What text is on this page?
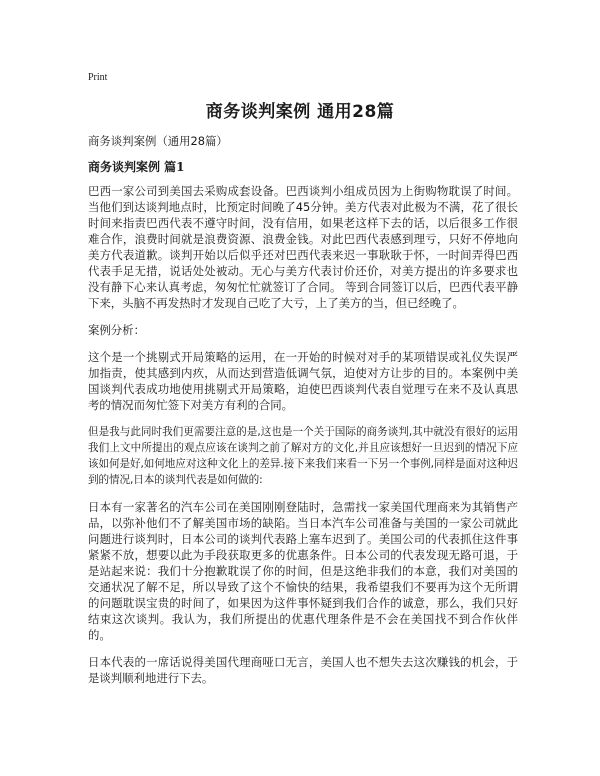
Print
商务谈判案例 通用28篇

商务谈判案例（通用28篇）

商务谈判案例 篇1

巴西一家公司到美国去采购成套设备。巴西谈判小组成员因为上街购物耽误了时间。当他们到达谈判地点时，比预定时间晚了45分钟。美方代表对此极为不满，花了很长时间来指责巴西代表不遵守时间，没有信用，如果老这样下去的话，以后很多工作很难合作，浪费时间就是浪费资源、浪费金钱。对此巴西代表感到理亏，只好不停地向美方代表道歉。谈判开始以后似乎还对巴西代表来迟一事耿耿于怀，一时间弄得巴西代表手足无措，说话处处被动。无心与美方代表讨价还价，对美方提出的许多要求也没有静下心来认真考虑，匆匆忙忙就签订了合同。 等到合同签订以后，巴西代表平静下来，头脑不再发热时才发现自己吃了大亏，上了美方的当，但已经晚了。

案例分析：

这个是一个挑剔式开局策略的运用，在一开始的时候对对手的某项错误或礼仪失误严加指责，使其感到内疚，从而达到营造低调气氛，迫使对方让步的目的。本案例中美国谈判代表成功地使用挑剔式开局策略，迫使巴西谈判代表自觉理亏在来不及认真思考的情况而匆忙签下对美方有利的合同。

但是我与此同时我们更需要注意的是,这也是一个关于国际的商务谈判,其中就没有很好的运用我们上文中所提出的观点应该在谈判之前了解对方的文化,并且应该想好一旦迟到的情况下应该如何是好,如何地应对这种文化上的差异.接下来我们来看一下另一个事例,同样是面对这种迟到的情况,日本的谈判代表是如何做的:

日本有一家著名的汽车公司在美国刚刚登陆时，急需找一家美国代理商来为其销售产品，以弥补他们不了解美国市场的缺陷。当日本汽车公司准备与美国的一家公司就此问题进行谈判时，日本公司的谈判代表路上塞车迟到了。美国公司的代表抓住这件事紧紧不放，想要以此为手段获取更多的优惠条件。日本公司的代表发现无路可退，于是站起来说：我们十分抱歉耽误了你的时间，但是这绝非我们的本意，我们对美国的交通状况了解不足，所以导致了这个不愉快的结果，我希望我们不要再为这个无所谓的问题耽误宝贵的时间了，如果因为这件事怀疑到我们合作的诚意，那么，我们只好结束这次谈判。我认为，我们所提出的优惠代理条件是不会在美国找不到合作伙伴的。

日本代表的一席话说得美国代理商哑口无言，美国人也不想失去这次赚钱的机会，于是谈判顺利地进行下去。
